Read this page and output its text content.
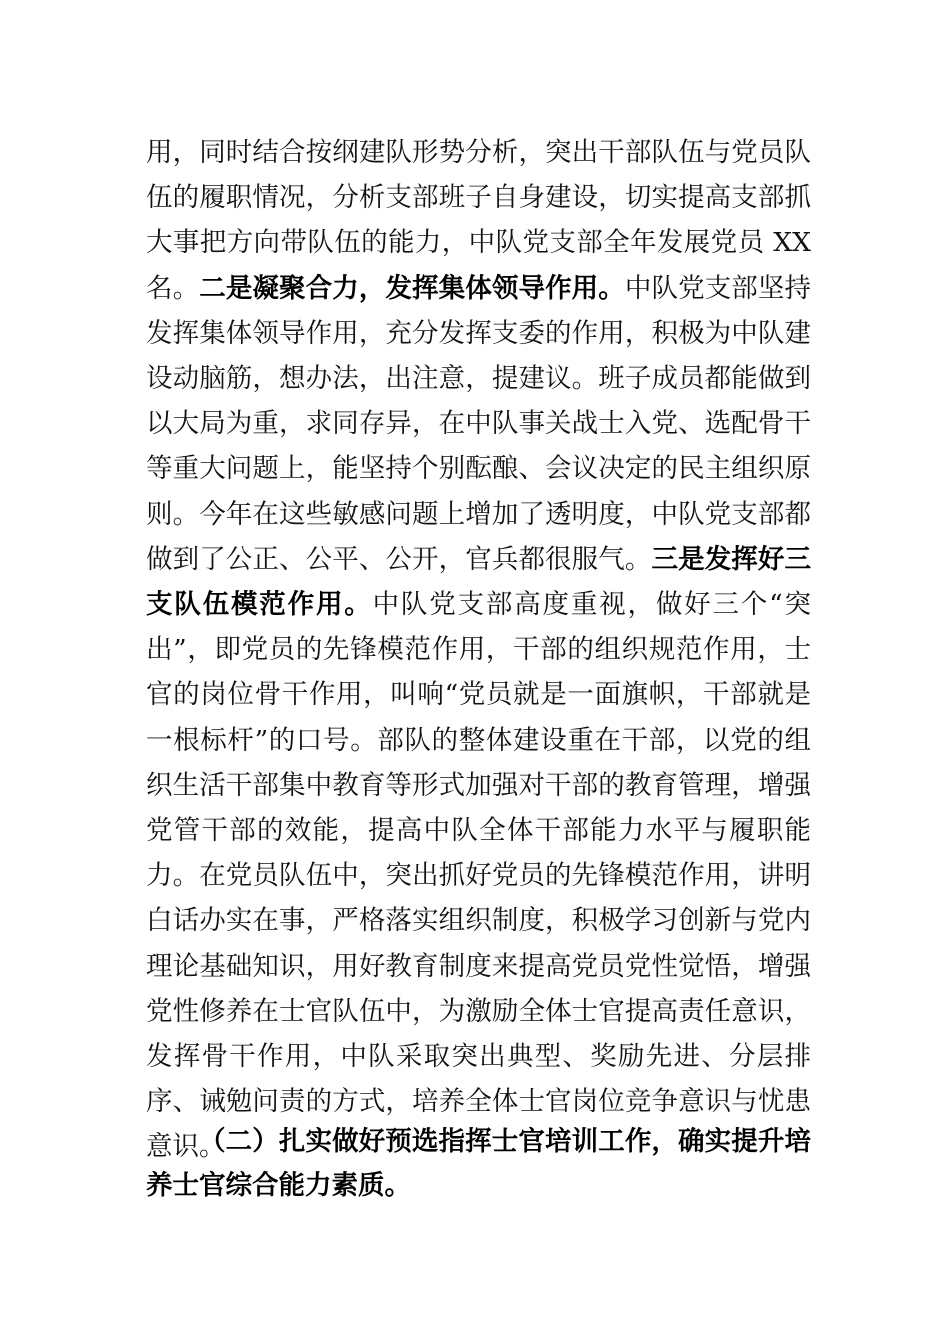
用，同时结合按纲建队形势分析，突出干部队伍与党员队伍的履职情况，分析支部班子自身建设，切实提高支部抓大事把方向带队伍的能力，中队党支部全年发展党员 XX 名。二是凝聚合力，发挥集体领导作用。中队党支部坚持发挥集体领导作用，充分发挥支委的作用，积极为中队建设动脑筋，想办法，出注意，提建议。班子成员都能做到以大局为重，求同存异，在中队事关战士入党、选配骨干等重大问题上，能坚持个别酝酿、会议决定的民主组织原则。今年在这些敏感问题上增加了透明度，中队党支部都做到了公正、公平、公开，官兵都很服气。三是发挥好三支队伍模范作用。中队党支部高度重视，做好三个“突出”，即党员的先锋模范作用，干部的组织规范作用，士官的岗位骨干作用，叫响“党员就是一面旗帜，干部就是一根标杆”的口号。部队的整体建设重在干部，以党的组织生活干部集中教育等形式加强对干部的教育管理，增强党管干部的效能，提高中队全体干部能力水平与履职能力。在党员队伍中，突出抓好党员的先锋模范作用，讲明白话办实在事，严格落实组织制度，积极学习创新与党内理论基础知识，用好教育制度来提高党员党性觉悟，增强党性修养在士官队伍中，为激励全体士官提高责任意识，发挥骨干作用，中队采取突出典型、奖励先进、分层排序、诫勉问责的方式，培养全体士官岗位竞争意识与忧患意识。

（二）扎实做好预选指挥士官培训工作，确实提升培养士官综合能力素质。
